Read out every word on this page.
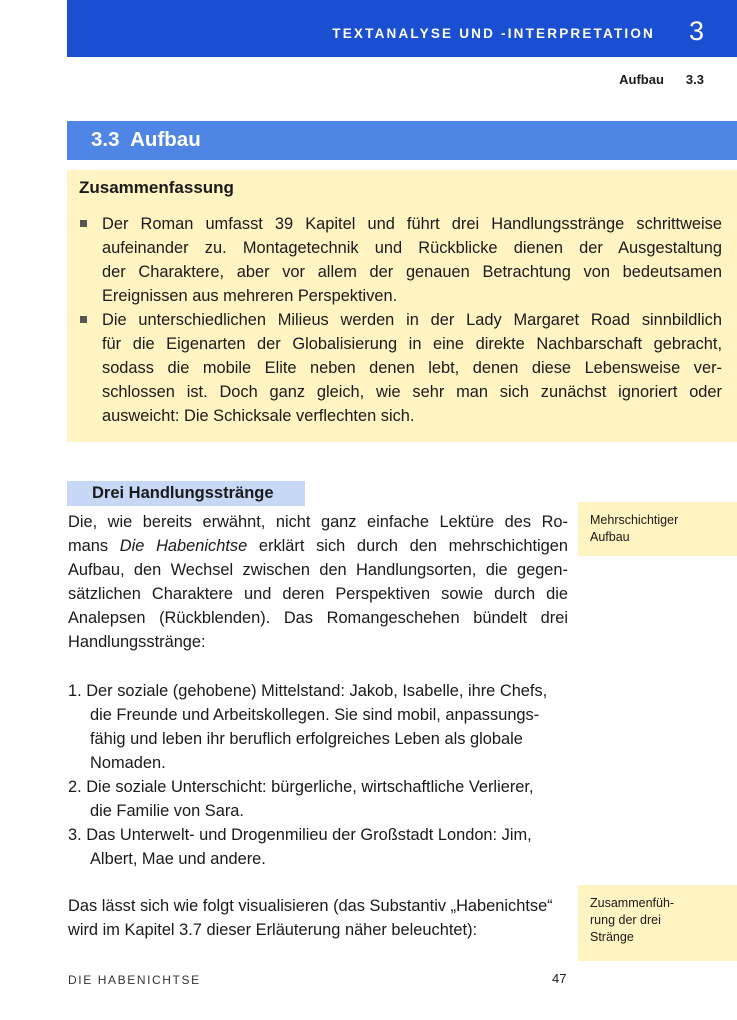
TEXTANALYSE UND -INTERPRETATION 3
Aufbau 3.3
3.3  Aufbau
Zusammenfassung
Der Roman umfasst 39 Kapitel und führt drei Handlungsstränge schrittweise
aufeinander zu. Montagetechnik und Rückblicke dienen der Ausgestaltung
der Charaktere, aber vor allem der genauen Betrachtung von bedeutsamen
Ereignissen aus mehreren Perspektiven.
Die unterschiedlichen Milieus werden in der Lady Margaret Road sinnbildlich
für die Eigenarten der Globalisierung in eine direkte Nachbarschaft gebracht,
sodass die mobile Elite neben denen lebt, denen diese Lebensweise ver-
schlossen ist. Doch ganz gleich, wie sehr man sich zunächst ignoriert oder
ausweicht: Die Schicksale verflechten sich.
Drei Handlungsstränge
Die, wie bereits erwähnt, nicht ganz einfache Lektüre des Ro-
mans Die Habenichtse erklärt sich durch den mehrschichtigen
Aufbau, den Wechsel zwischen den Handlungsorten, die gegen-
sätzlichen Charaktere und deren Perspektiven sowie durch die
Analepsen (Rückblenden). Das Romangeschehen bündelt drei
Handlungsstränge:
1. Der soziale (gehobene) Mittelstand: Jakob, Isabelle, ihre Chefs,
die Freunde und Arbeitskollegen. Sie sind mobil, anpassungs-
fähig und leben ihr beruflich erfolgreiches Leben als globale
Nomaden.
2. Die soziale Unterschicht: bürgerliche, wirtschaftliche Verlierer,
die Familie von Sara.
3. Das Unterwelt- und Drogenmilieu der Großstadt London: Jim,
Albert, Mae und andere.
Das lässt sich wie folgt visualisieren (das Substantiv „Habenichtse“
wird im Kapitel 3.7 dieser Erläuterung näher beleuchtet):
Mehrschichtiger
Aufbau
Zusammenfüh-
rung der drei
Stränge
DIE HABENICHTSE	47
